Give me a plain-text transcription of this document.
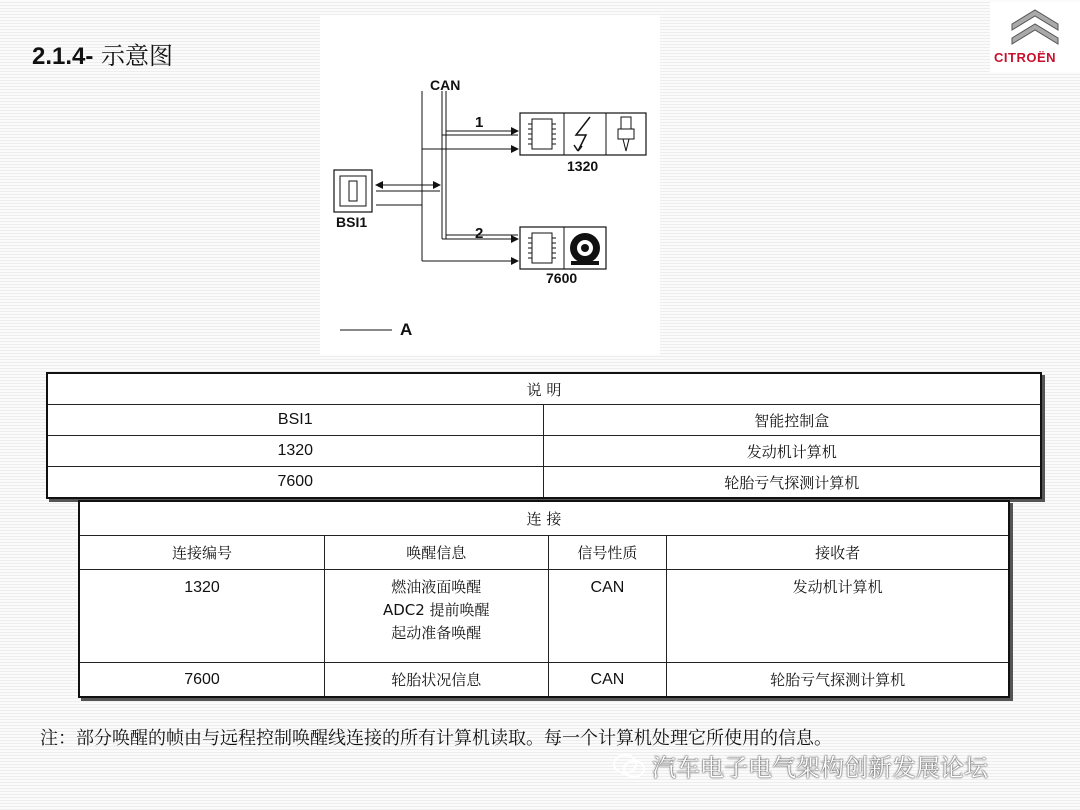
2.1.4- 示意图	CITROËN
CAN
1
2
BSI1
1320
7600
A
说 明	
BSI1	智能控制盒
1320	发动机计算机
7600	轮胎亏气探测计算机
连 接			
连接编号	唤醒信息	信号性质	接收者
1320	燃油液面唤醒
ADC2 提前唤醒
起动准备唤醒	CAN	发动机计算机
7600	轮胎状况信息	CAN	轮胎亏气探测计算机
注：部分唤醒的帧由与远程控制唤醒线连接的所有计算机读取。每一个计算机处理它所使用的信息。
汽车电子电气架构创新发展论坛
